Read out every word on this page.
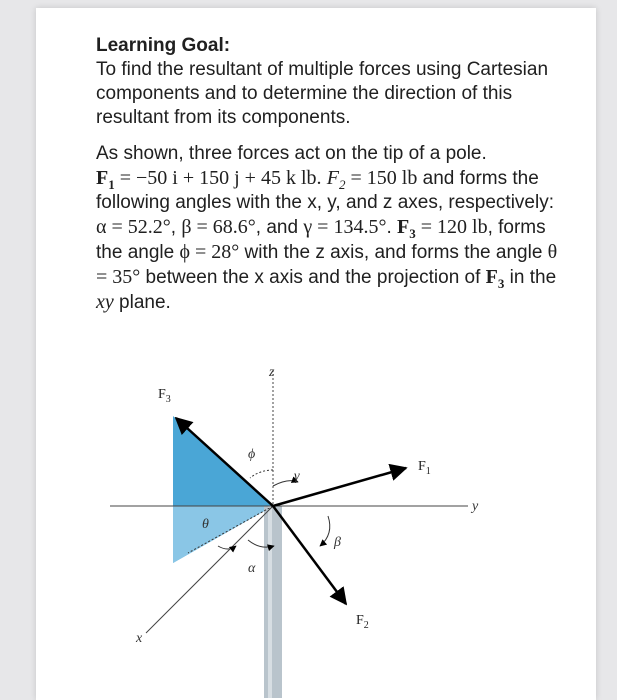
Learning Goal:

To find the resultant of multiple forces using Cartesian components and to determine the direction of this resultant from its components.

As shown, three forces act on the tip of a pole.
$F_1 = -50$ i + 150 j + 45 k lb. $F_2 = 150$ lb and forms the following angles with the x, y, and z axes, respectively: α = 52.2°, β = 68.6°, and γ = 134.5°. $F_3 = 120$ lb, forms the angle ϕ = 28° with the z axis, and forms the angle θ = 35° between the x axis and the projection of $F_3$ in the xy plane.

z
y
x
$F_3$
$F_1$
$F_2$
ϕ
γ
β
θ
α
